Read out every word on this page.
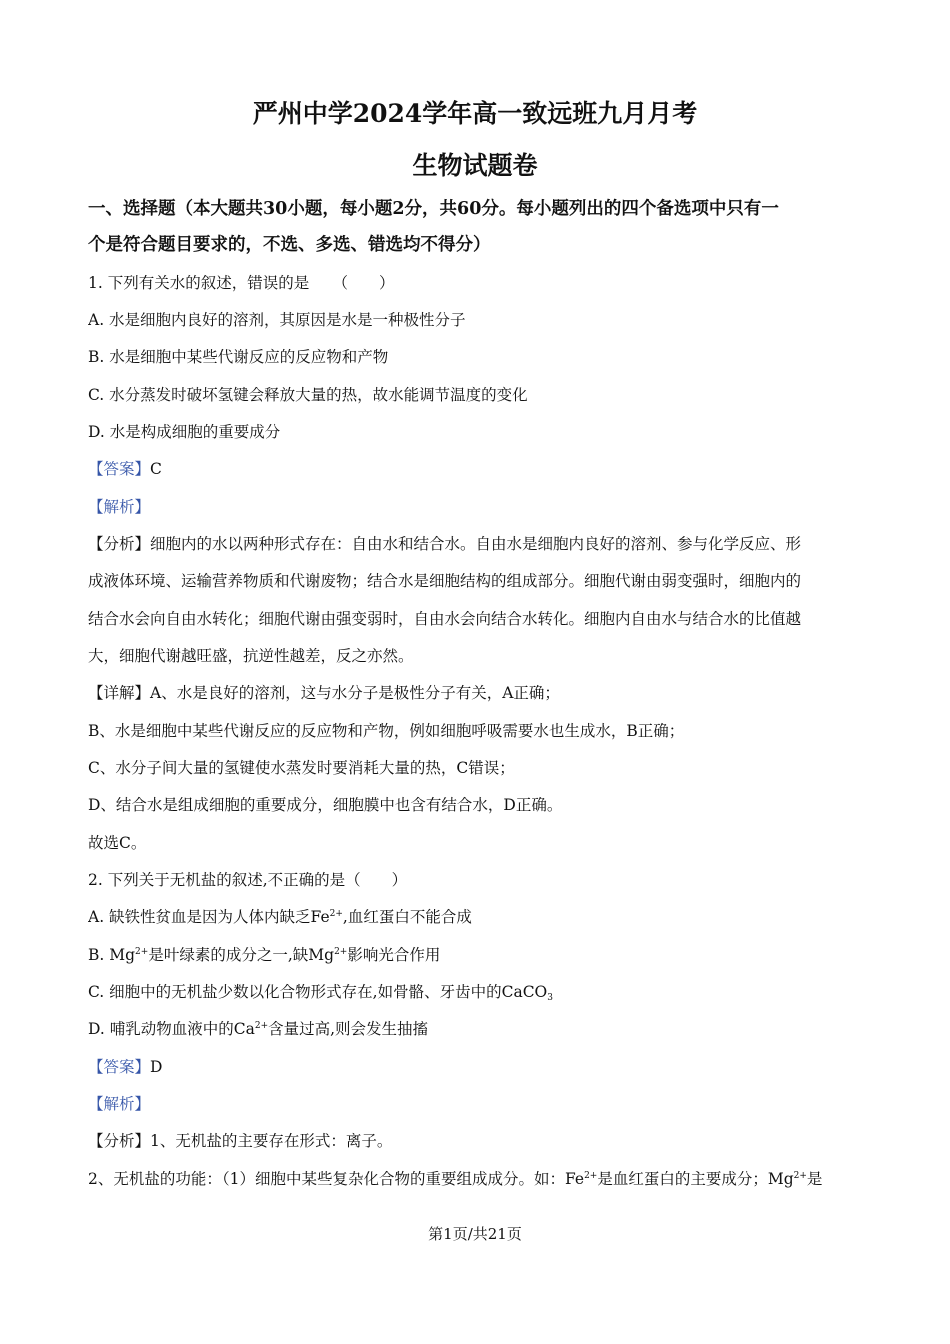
严州中学2024学年高一致远班九月月考
生物试题卷
一、选择题（本大题共30小题，每小题2分，共60分。每小题列出的四个备选项中只有一
个是符合题目要求的，不选、多选、错选均不得分）
1. 下列有关水的叙述，错误的是　　（　　）
A. 水是细胞内良好的溶剂，其原因是水是一种极性分子
B. 水是细胞中某些代谢反应的反应物和产物
C. 水分蒸发时破坏氢键会释放大量的热，故水能调节温度的变化
D. 水是构成细胞的重要成分
【答案】C
【解析】
【分析】细胞内的水以两种形式存在：自由水和结合水。自由水是细胞内良好的溶剂、参与化学反应、形
成液体环境、运输营养物质和代谢废物；结合水是细胞结构的组成部分。细胞代谢由弱变强时，细胞内的
结合水会向自由水转化；细胞代谢由强变弱时，自由水会向结合水转化。细胞内自由水与结合水的比值越
大，细胞代谢越旺盛，抗逆性越差，反之亦然。
【详解】A、水是良好的溶剂，这与水分子是极性分子有关，A正确；
B、水是细胞中某些代谢反应的反应物和产物，例如细胞呼吸需要水也生成水，B正确；
C、水分子间大量的氢键使水蒸发时要消耗大量的热，C错误；
D、结合水是组成细胞的重要成分，细胞膜中也含有结合水，D正确。
故选C。
2. 下列关于无机盐的叙述,不正确的是（　　）
A. 缺铁性贫血是因为人体内缺乏$Fe^{2+}$,血红蛋白不能合成
B. $Mg^{2+}$是叶绿素的成分之一,缺$Mg^{2+}$影响光合作用
C. 细胞中的无机盐少数以化合物形式存在,如骨骼、牙齿中的CaCO$_3$
D. 哺乳动物血液中的$Ca^{2+}$含量过高,则会发生抽搐
【答案】D
【解析】
【分析】1、无机盐的主要存在形式：离子。
2、无机盐的功能：（1）细胞中某些复杂化合物的重要组成成分。如：$Fe^{2+}$是血红蛋白的主要成分；$Mg^{2+}$是
第1页/共21页
